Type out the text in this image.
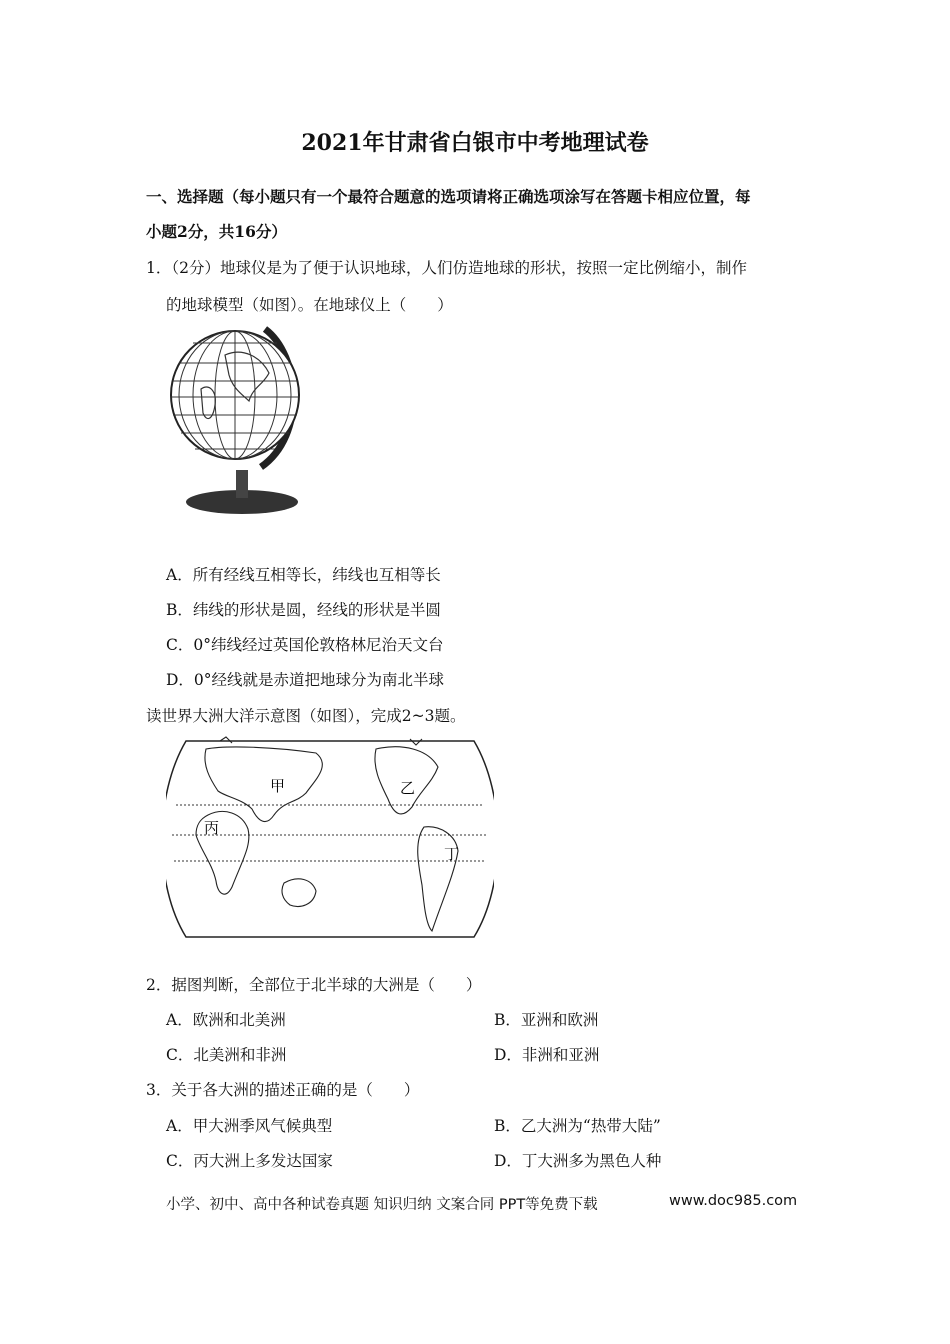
2021年甘肃省白银市中考地理试卷
一、选择题（每小题只有一个最符合题意的选项请将正确选项涂写在答题卡相应位置，每
小题2分，共16分）
1．（2分）地球仪是为了便于认识地球，人们仿造地球的形状，按照一定比例缩小，制作
的地球模型（如图）。在地球仪上（　　）
A．所有经线互相等长，纬线也互相等长
B．纬线的形状是圆，经线的形状是半圆
C．0°纬线经过英国伦敦格林尼治天文台
D．0°经线就是赤道把地球分为南北半球
读世界大洲大洋示意图（如图），完成2~3题。
甲	乙
丙
丁
2．据图判断，全部位于北半球的大洲是（　　）
A．欧洲和北美洲	B．亚洲和欧洲
C．北美洲和非洲	D．非洲和亚洲
3．关于各大洲的描述正确的是（　　）
A．甲大洲季风气候典型	B．乙大洲为“热带大陆”
C．丙大洲上多发达国家	D．丁大洲多为黑色人种
小学、初中、高中各种试卷真题 知识归纳 文案合同 PPT等免费下载	www.doc985.com
